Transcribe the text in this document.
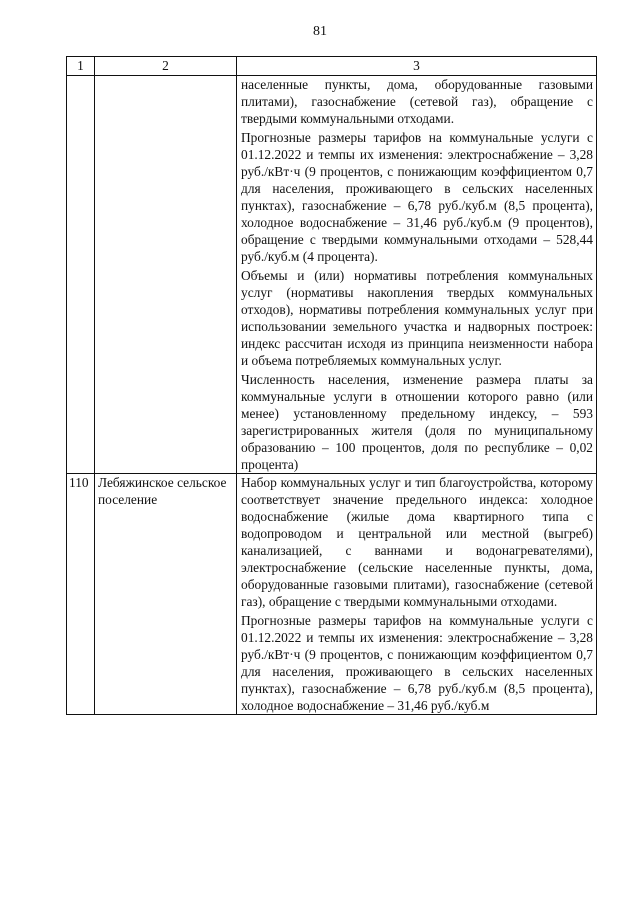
81
1	2	3

		населенные пункты, дома, оборудованные газовыми плитами), газоснабжение (сетевой газ), обращение с твердыми коммунальными отходами.

Прогнозные размеры тарифов на коммунальные услуги с 01.12.2022 и темпы их изменения: электроснабжение – 3,28 руб./кВт·ч (9 процентов, с понижающим коэффициентом 0,7 для населения, проживающего в сельских населенных пунктах), газоснабжение – 6,78 руб./куб.м (8,5 процента), холодное водоснабжение – 31,46 руб./куб.м (9 процентов), обращение с твердыми коммунальными отходами – 528,44 руб./куб.м (4 процента).

Объемы и (или) нормативы потребления коммунальных услуг (нормативы накопления твердых коммунальных отходов), нормативы потребления коммунальных услуг при использовании земельного участка и надворных построек: индекс рассчитан исходя из принципа неизменности набора и объема потребляемых коммунальных услуг.

Численность населения, изменение размера платы за коммунальные услуги в отношении которого равно (или менее) установленному предельному индексу, – 593 зарегистрированных жителя (доля по муниципальному образованию – 100 процентов, доля по республике – 0,02 процента)

110	Лебяжинское сельское поселение	Набор коммунальных услуг и тип благоустройства, которому соответствует значение предельного индекса: холодное водоснабжение (жилые дома квартирного типа с водопроводом и центральной или местной (выгреб) канализацией, с ваннами и водонагревателями), электроснабжение (сельские населенные пункты, дома, оборудованные газовыми плитами), газоснабжение (сетевой газ), обращение с твердыми коммунальными отходами.

Прогнозные размеры тарифов на коммунальные услуги с 01.12.2022 и темпы их изменения: электроснабжение – 3,28 руб./кВт·ч (9 процентов, с понижающим коэффициентом 0,7 для населения, проживающего в сельских населенных пунктах), газоснабжение – 6,78 руб./куб.м (8,5 процента), холодное водоснабжение – 31,46 руб./куб.м
